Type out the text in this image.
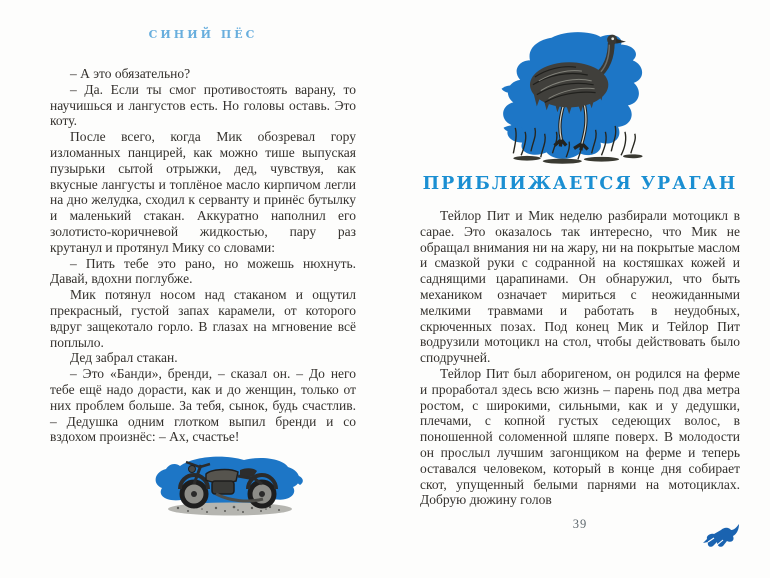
СИНИЙ ПЁС

– А это обязательно?

– Да. Если ты смог противостоять варану, то научишься и лангустов есть. Но головы оставь. Это коту.

После всего, когда Мик обозревал гору изломанных панцирей, как можно тише выпуская пузырьки сытой отрыжки, дед, чувствуя, как вкусные лангусты и топлёное масло кирпичом легли на дно желудка, сходил к серванту и принёс бутылку и маленький стакан. Аккуратно наполнил его золотисто-коричневой жидкостью, пару раз крутанул и протянул Мику со словами:

– Пить тебе это рано, но можешь нюхнуть. Давай, вдохни поглубже.

Мик потянул носом над стаканом и ощутил прекрасный, густой запах карамели, от которого вдруг защекотало горло. В глазах на мгновение всё поплыло.

Дед забрал стакан.

– Это «Банди», бренди, – сказал он. – До него тебе ещё надо дорасти, как и до женщин, только от них проблем больше. За тебя, сынок, будь счастлив. – Дедушка одним глотком выпил бренди и со вздохом произнёс: – Ах, счастье!

ПРИБЛИЖАЕТСЯ УРАГАН

Тейлор Пит и Мик неделю разбирали мотоцикл в сарае. Это оказалось так интересно, что Мик не обращал внимания ни на жару, ни на покрытые маслом и смазкой руки с содранной на костяшках кожей и саднящими царапинами. Он обнаружил, что быть механиком означает мириться с неожиданными мелкими травмами и работать в неудобных, скрюченных позах. Под конец Мик и Тейлор Пит водрузили мотоцикл на стол, чтобы действовать было сподручней.

Тейлор Пит был аборигеном, он родился на ферме и проработал здесь всю жизнь – парень под два метра ростом, с широкими, сильными, как и у дедушки, плечами, с копной густых седеющих волос, в поношенной соломенной шляпе поверх. В молодости он прослыл лучшим загонщиком на ферме и теперь оставался человеком, который в конце дня собирает скот, упущенный белыми парнями на мотоциклах. Добрую дюжину голов

39
